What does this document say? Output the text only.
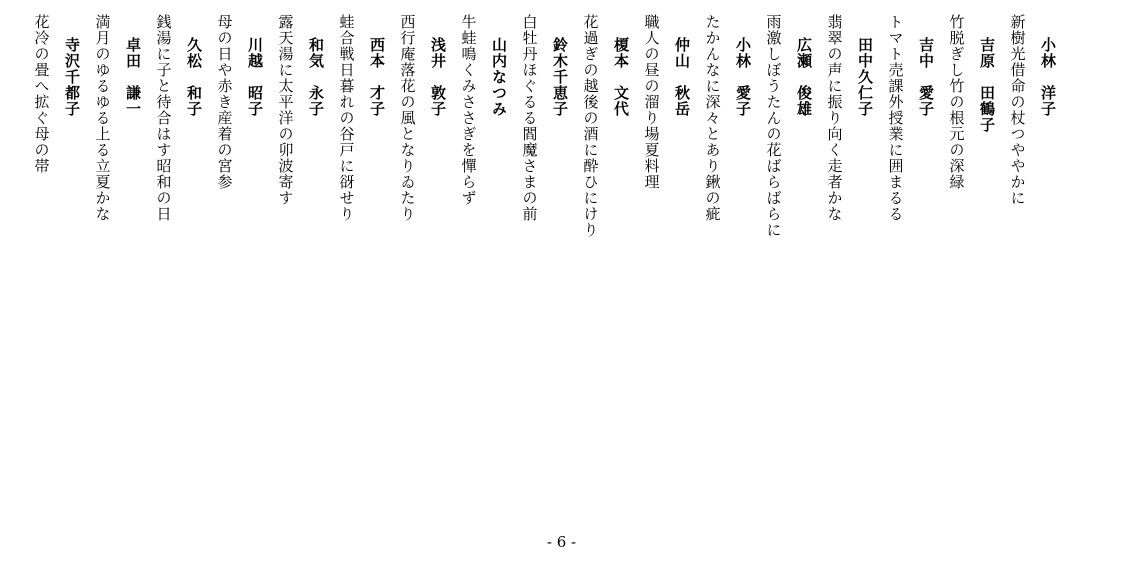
小林　洋子
新樹光借命の杖つややかに
吉原　田鶴子
竹脱ぎし竹の根元の深緑
吉中　愛子
トマト売課外授業に囲まるる
田中久仁子
翡翠の声に振り向く走者かな
広瀬　俊雄
雨激しぼうたんの花ばらばらに
小林　愛子
たかんなに深々とあり鍬の疵
仲山　秋岳
職人の昼の溜り場夏料理
榎本　文代
花過ぎの越後の酒に酔ひにけり
鈴木千恵子
白牡丹ほぐるる閻魔さまの前
山内なつみ
牛蛙鳴くみささぎを憚らず
浅井　敦子
西行庵落花の風となりゐたり
西本　才子
蛙合戦日暮れの谷戸に谺せり
和気　永子
露天湯に太平洋の卯波寄す
川越　昭子
母の日や赤き産着の宮参
久松　和子
銭湯に子と待合はす昭和の日
卓田　謙一
満月のゆるゆる上る立夏かな
寺沢千都子
花冷の畳へ拡ぐ母の帯
- 6 -
